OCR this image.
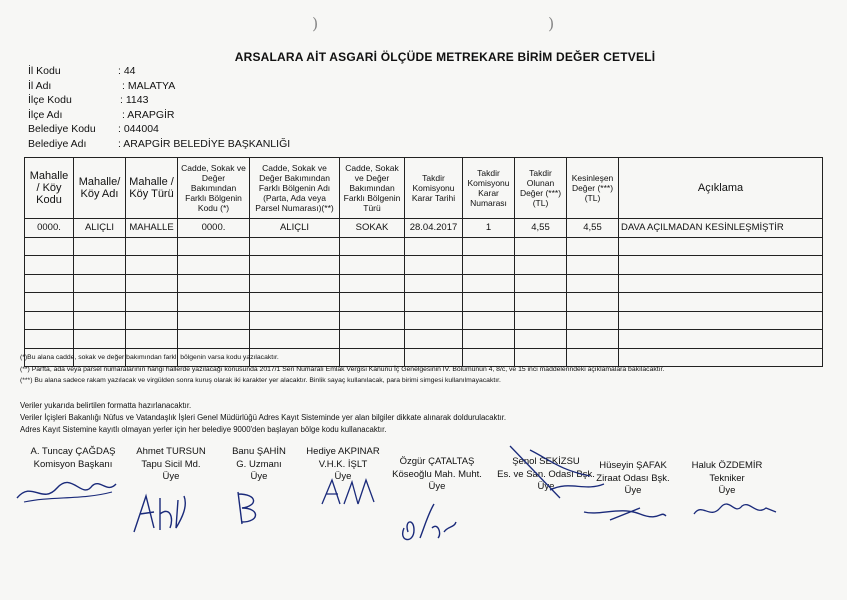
)	)
ARSALARA AİT ASGARİ ÖLÇÜDE METREKARE BİRİM DEĞER CETVELİ
İl Kodu	: 44
İl Adı	: MALATYA
İlçe Kodu	: 1143
İlçe Adı	: ARAPGİR
Belediye Kodu	: 044004
Belediye Adı	: ARAPGİR BELEDİYE BAŞKANLIĞI
Mahalle / Köy Kodu	Mahalle/ Köy Adı	Mahalle / Köy Türü	Cadde, Sokak ve Değer Bakımından Farklı Bölgenin Kodu (*)	Cadde, Sokak ve Değer Bakımından Farklı Bölgenin Adı (Parta, Ada veya Parsel Numarası)(**)	Cadde, Sokak ve Değer Bakımından Farklı Bölgenin Türü	Takdir Komisyonu Karar Tarihi	Takdir Komisyonu Karar Numarası	Takdir Olunan Değer (***) (TL)	Kesinleşen Değer (***) (TL)	Açıklama
0000.	ALIÇLI	MAHALLE	0000.	ALIÇLI	SOKAK	28.04.2017	1	4,55	4,55	DAVA AÇILMADAN KESİNLEŞMİŞTİR

(*)Bu alana cadde, sokak ve değer bakımından farklı bölgenin varsa kodu yazılacaktır.
(**) Parfta, ada veya parsel numaralarının hangi hallerde yazılacağı konusunda 2017/1 Seri Numaralı Emlak Vergisi Kanunu İç Genelgesinin IV. Bölümünün 4, 8/c, ve 15 inci maddelerindeki açıklamalara bakılacaktır.
(***) Bu alana sadece rakam yazılacak ve virgülden sonra kuruş olarak iki karakter yer alacaktır. Binlik sayaç kullanılacak, para birimi simgesi kullanılmayacaktır.
Veriler yukarıda belirtilen formatta hazırlanacaktır.
Veriler İçişleri Bakanlığı Nüfus ve Vatandaşlık İşleri Genel Müdürlüğü Adres Kayıt Sisteminde yer alan bilgiler dikkate alınarak doldurulacaktır.
Adres Kayıt Sistemine kayıtlı olmayan yerler için her belediye 9000'den başlayan bölge kodu kullanacaktır.
A. Tuncay ÇAĞDAŞ
Komisyon Başkanı
Ahmet TURSUN
Tapu Sicil Md.
Üye
Banu ŞAHİN
G. Uzmanı
Üye
Hediye AKPINAR
V.H.K. İŞLT
Üye
Özgür ÇATALTAŞ
Köseoğlu Mah. Muht.
Üye
Şenol SEKİZSU
Es. ve San. Odası Bşk.
Üye
Hüseyin ŞAFAK
Ziraat Odası Bşk.
Üye
Haluk ÖZDEMİR
Tekniker
Üye
